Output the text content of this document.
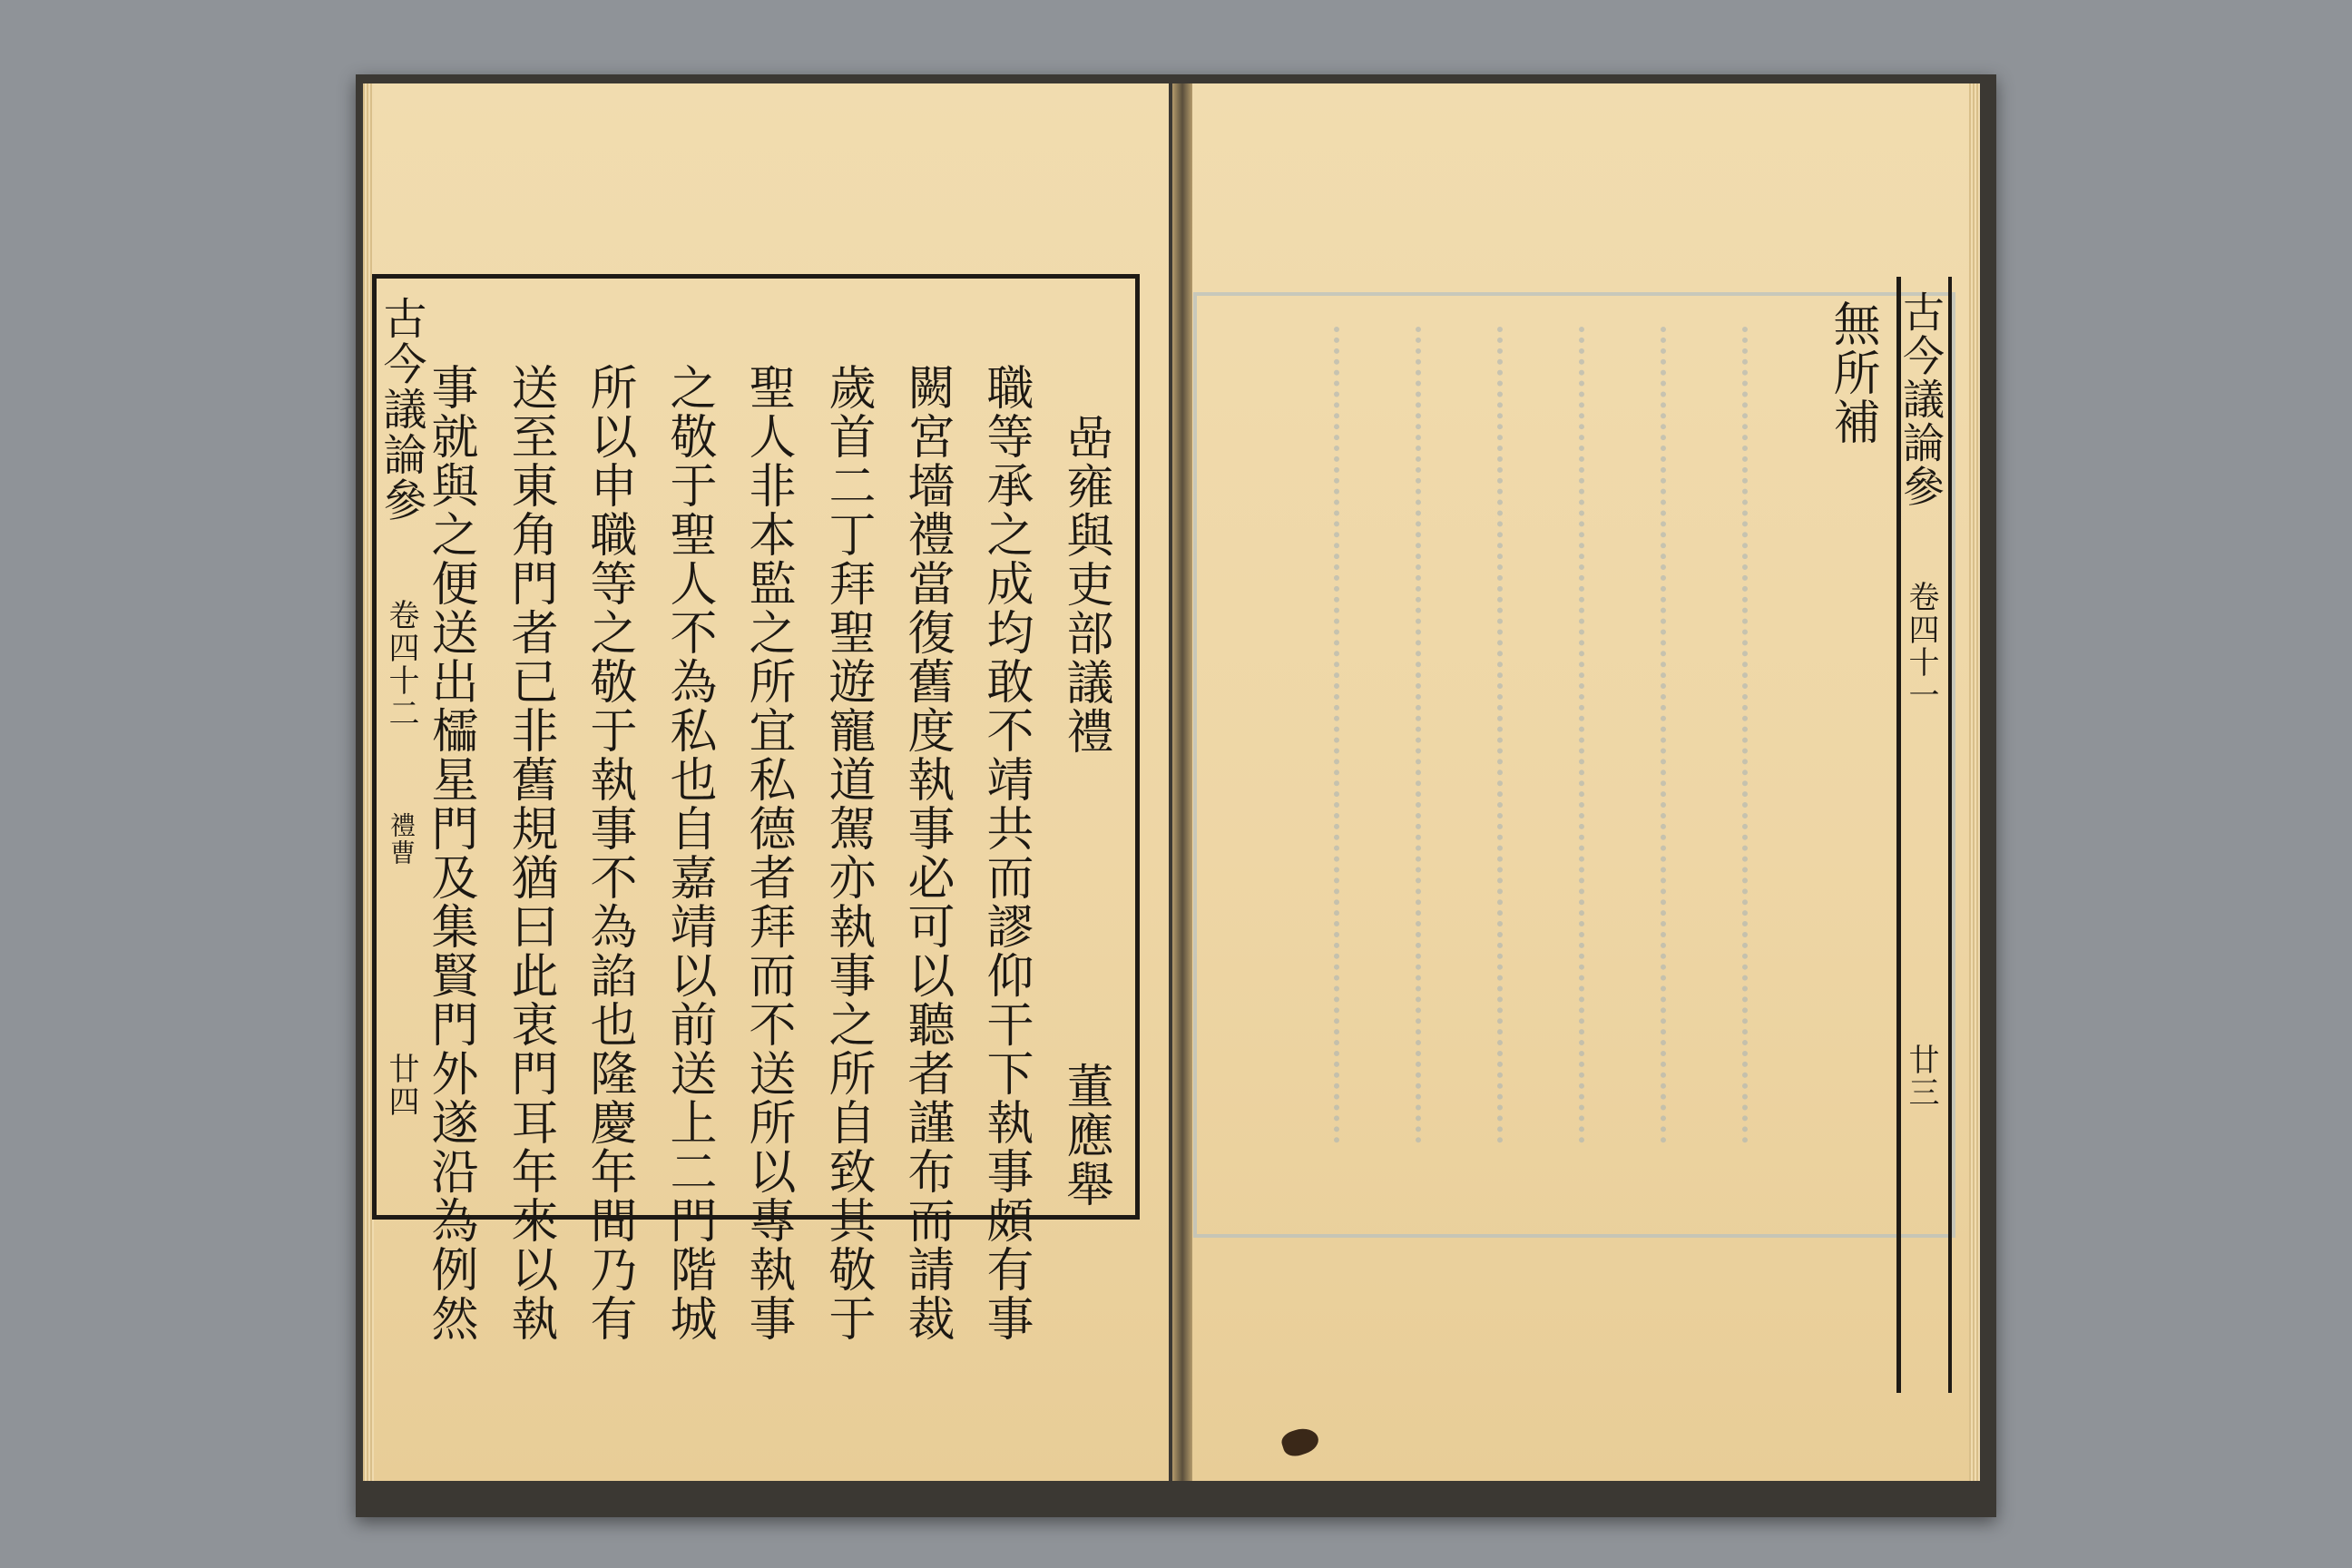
古今議論參
卷四十二
禮曹
廿四 事就與之便送出櫺星門及集賢門外遂沿為例然 送至東角門者已非舊規猶曰此衷門耳年來以執 所以申職等之敬于執事不為諂也隆慶年間乃有 之敬于聖人不為私也自嘉靖以前送上二門階城 聖人非本監之所宜私德者拜而不送所以專執事 歲首二丁拜聖遊寵道駕亦執事之所自致其敬于 闕宮墻禮當復舊度執事必可以聽者謹布而請裁 職等承之成均敢不靖共而謬仰干下執事頗有事 嵒雍與吏部議禮
董應舉
古今議論參
卷四十一
廿三
無所補
